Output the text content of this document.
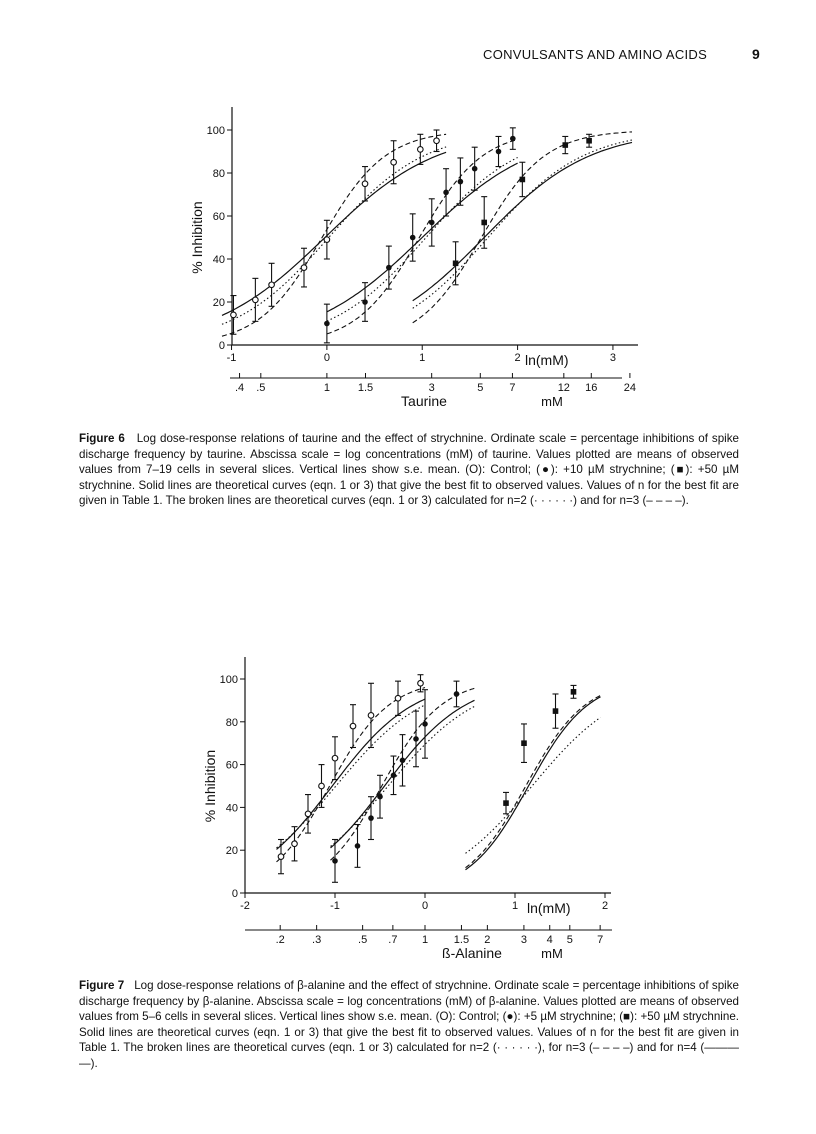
CONVULSANTS AND AMINO ACIDS	9
0
20
40
60
80
100
% Inhibition
-1	0	1	2	3
ln(mM)
.4 .5	1	1.5	3	5 7	12 16 24
Taurine	mM
Figure 6 Log dose-response relations of taurine and the effect of strychnine. Ordinate scale = percentage inhibitions of spike discharge frequency by taurine. Abscissa scale = log concentrations (mM) of taurine. Values plotted are means of observed values from 7–19 cells in several slices. Vertical lines show s.e. mean. (O): Control; (●): +10 µM strychnine; (■): +50 µM strychnine. Solid lines are theoretical curves (eqn. 1 or 3) that give the best fit to observed values. Values of n for the best fit are given in Table 1. The broken lines are theoretical curves (eqn. 1 or 3) calculated for n=2 (· · · · · ·) and for n=3 (– – – –).
0
20
40
60
80
100
% Inhibition
-2	-1	0	1	2
ln(mM)
.2 .3	.5 .7 1 1.5 2	3 4 5 7
ß-Alanine	mM
Figure 7 Log dose-response relations of β-alanine and the effect of strychnine. Ordinate scale = percentage inhibitions of spike discharge frequency by β-alanine. Abscissa scale = log concentrations (mM) of β-alanine. Values plotted are means of observed values from 5–6 cells in several slices. Vertical lines show s.e. mean. (O): Control; (●): +5 µM strychnine; (■): +50 µM strychnine. Solid lines are theoretical curves (eqn. 1 or 3) that give the best fit to observed values. Values of n for the best fit are given in Table 1. The broken lines are theoretical curves (eqn. 1 or 3) calculated for n=2 (· · · · · ·), for n=3 (– – – –) and for n=4 (——— —).
